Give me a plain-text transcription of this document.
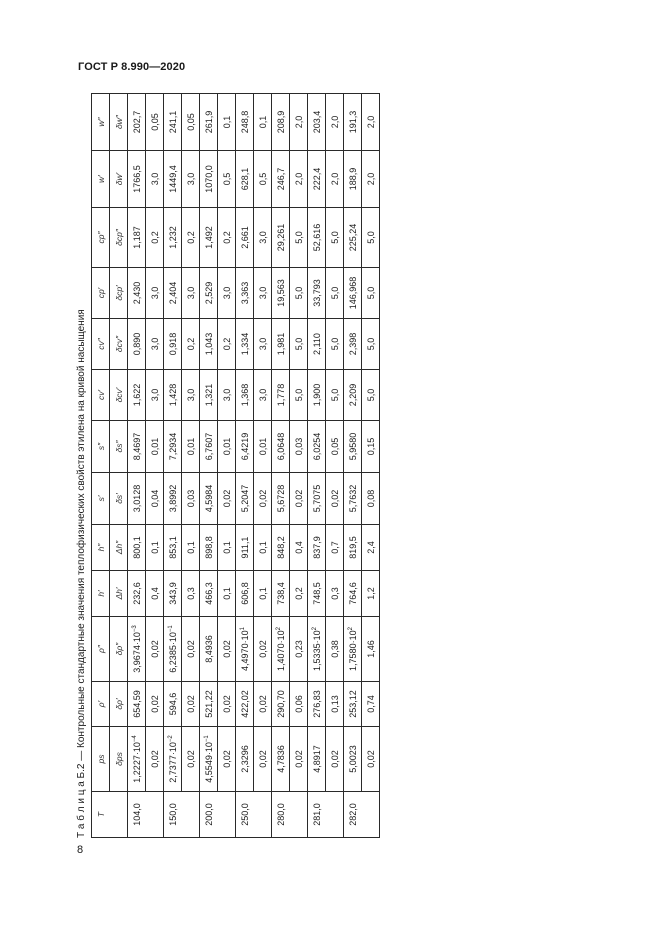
ГОСТ Р 8.990—2020
Т а б л и ц а Б.2 — Контрольные стандартные значения теплофизических свойств этилена на кривой насыщения	T	ps	ρ′	ρ″	h′	h″	s′	s″	cv′	cv″	cp′	cp″	w′	w″
	δps	δρ′	δρ″	Δh′	Δh″	δs′	δs″	δcv′	δcv″	δcp′	δcp″	δw′	δw″
104,0	$1,2227\cdot 10^{-4}$	654,59	$3,9674\cdot 10^{-3}$	232,6	800,1	3,0128	8,4697	1,622	0,890	2,430	1,187	1766,5	202,7
	0,02	0,02	0,02	0,4	0,1	0,04	0,01	3,0	3,0	3,0	0,2	3,0	0,05
150,0	$2,7377\cdot 10^{-2}$	594,6	$6,2385\cdot 10^{-1}$	343,9	853,1	3,8992	7,2934	1,428	0,918	2,404	1,232	1449,4	241,1
	0,02	0,02	0,02	0,3	0,1	0,03	0,01	3,0	0,2	3,0	0,2	3,0	0,05
200,0	$4,5549\cdot 10^{-1}$	521,22	8,4936	466,3	898,8	4,5984	6,7607	1,321	1,043	2,529	1,492	1070,0	261,9
	0,02	0,02	0,02	0,1	0,1	0,02	0,01	3,0	0,2	3,0	0,2	0,5	0,1
250,0	2,3296	422,02	$4,4970\cdot 10^1$	606,8	911,1	5,2047	6,4219	1,368	1,334	3,363	2,661	628,1	248,8
	0,02	0,02	0,02	0,1	0,1	0,02	0,01	3,0	3,0	3,0	3,0	0,5	0,1
280,0	4,7836	290,70	$1,4070\cdot 10^2$	738,4	848,2	5,6728	6,0648	1,778	1,981	19,563	29,261	246,7	208,9
	0,02	0,06	0,23	0,2	0,4	0,02	0,03	5,0	5,0	5,0	5,0	2,0	2,0
281,0	4,8917	276,83	$1,5335\cdot 10^2$	748,5	837,9	5,7075	6,0254	1,900	2,110	33,793	52,616	222,4	203,4
	0,02	0,13	0,38	0,3	0,7	0,02	0,05	5,0	5,0	5,0	5,0	2,0	2,0
282,0	5,0023	253,12	$1,7580\cdot 10^2$	764,6	819,5	5,7632	5,9580	2,209	2,398	146,968	225,24	188,9	191,3
	0,02	0,74	1,46	1,2	2,4	0,08	0,15	5,0	5,0	5,0	5,0	2,0	2,0
8
